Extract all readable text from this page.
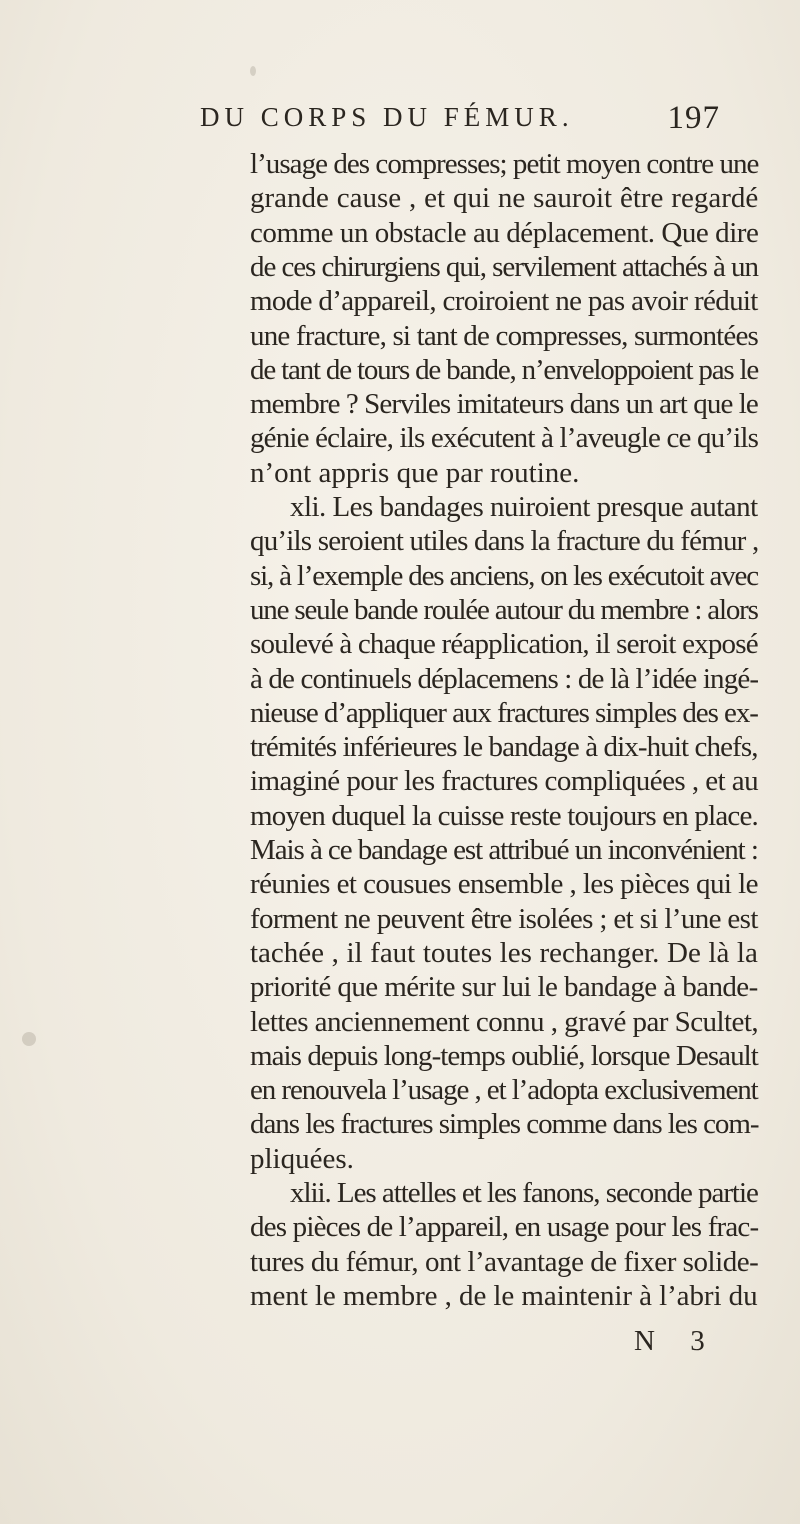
DU CORPS DU FÉMUR.	197
l’usage des compresses; petit moyen contre une
grande cause , et qui ne sauroit être regardé
comme un obstacle au déplacement. Que dire
de ces chirurgiens qui, servilement attachés à un
mode d’appareil, croiroient ne pas avoir réduit
une fracture, si tant de compresses, surmontées
de tant de tours de bande, n’enveloppoient pas le
membre ? Serviles imitateurs dans un art que le
génie éclaire, ils exécutent à l’aveugle ce qu’ils
n’ont appris que par routine.
xli. Les bandages nuiroient presque autant
qu’ils seroient utiles dans la fracture du fémur ,
si, à l’exemple des anciens, on les exécutoit avec
une seule bande roulée autour du membre : alors
soulevé à chaque réapplication, il seroit exposé
à de continuels déplacemens : de là l’idée ingé-
nieuse d’appliquer aux fractures simples des ex-
trémités inférieures le bandage à dix-huit chefs,
imaginé pour les fractures compliquées , et au
moyen duquel la cuisse reste toujours en place.
Mais à ce bandage est attribué un inconvénient :
réunies et cousues ensemble , les pièces qui le
forment ne peuvent être isolées ; et si l’une est
tachée , il faut toutes les rechanger. De là la
priorité que mérite sur lui le bandage à bande-
lettes anciennement connu , gravé par Scultet,
mais depuis long-temps oublié, lorsque Desault
en renouvela l’usage , et l’adopta exclusivement
dans les fractures simples comme dans les com-
pliquées.
xlii. Les attelles et les fanons, seconde partie
des pièces de l’appareil, en usage pour les frac-
tures du fémur, ont l’avantage de fixer solide-
ment le membre , de le maintenir à l’abri du
N 3
